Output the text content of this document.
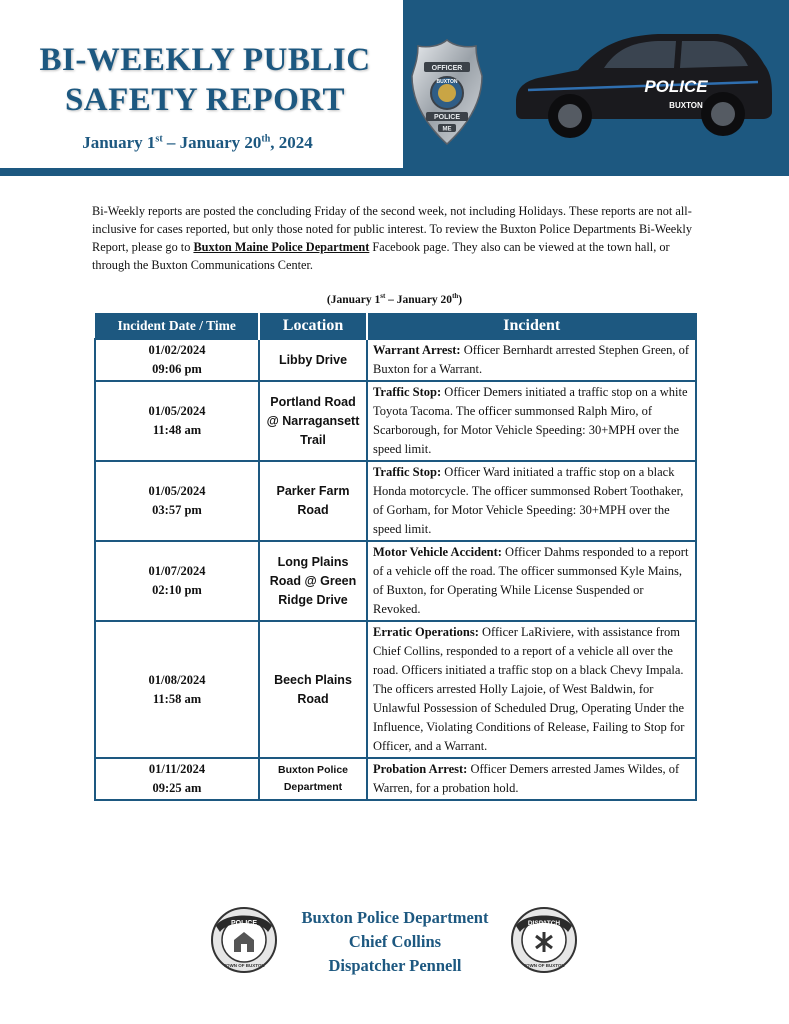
BI-WEEKLY PUBLIC
SAFETY REPORT
January 1st – January 20th, 2024
OFFICER
BUXTON
POLICE
ME
POLICE
BUXTON

Bi-Weekly reports are posted the concluding Friday of the second week, not including Holidays. These reports are not all-inclusive for cases reported, but only those noted for public interest. To review the Buxton Police Departments Bi-Weekly Report, please go to Buxton Maine Police Department Facebook page. They also can be viewed at the town hall, or through the Buxton Communications Center.

(January 1st – January 20th)
Incident Date / Time	Location	Incident

01/02/2024
09:06 pm	Libby Drive	Warrant Arrest: Officer Bernhardt arrested Stephen Green, of Buxton for a Warrant.

01/05/2024
11:48 am	Portland Road @ Narragansett Trail	Traffic Stop: Officer Demers initiated a traffic stop on a white Toyota Tacoma. The officer summonsed Ralph Miro, of Scarborough, for Motor Vehicle Speeding: 30+MPH over the speed limit.

01/05/2024
03:57 pm	Parker Farm Road	Traffic Stop: Officer Ward initiated a traffic stop on a black Honda motorcycle. The officer summonsed Robert Toothaker, of Gorham, for Motor Vehicle Speeding: 30+MPH over the speed limit.

01/07/2024
02:10 pm	Long Plains Road @ Green Ridge Drive	Motor Vehicle Accident: Officer Dahms responded to a report of a vehicle off the road. The officer summonsed Kyle Mains, of Buxton, for Operating While License Suspended or Revoked.

01/08/2024
11:58 am	Beech Plains Road	Erratic Operations: Officer LaRiviere, with assistance from Chief Collins, responded to a report of a vehicle all over the road. Officers initiated a traffic stop on a black Chevy Impala. The officers arrested Holly Lajoie, of West Baldwin, for Unlawful Possession of Scheduled Drug, Operating Under the Influence, Violating Conditions of Release, Failing to Stop for Officer, and a Warrant.

01/11/2024
09:25 am	Buxton Police Department	Probation Arrest: Officer Demers arrested James Wildes, of Warren, for a probation hold.
POLICE
TOWN OF BUXTON
Buxton Police Department
Chief Collins
Dispatcher Pennell
DISPATCH
TOWN OF BUXTON
